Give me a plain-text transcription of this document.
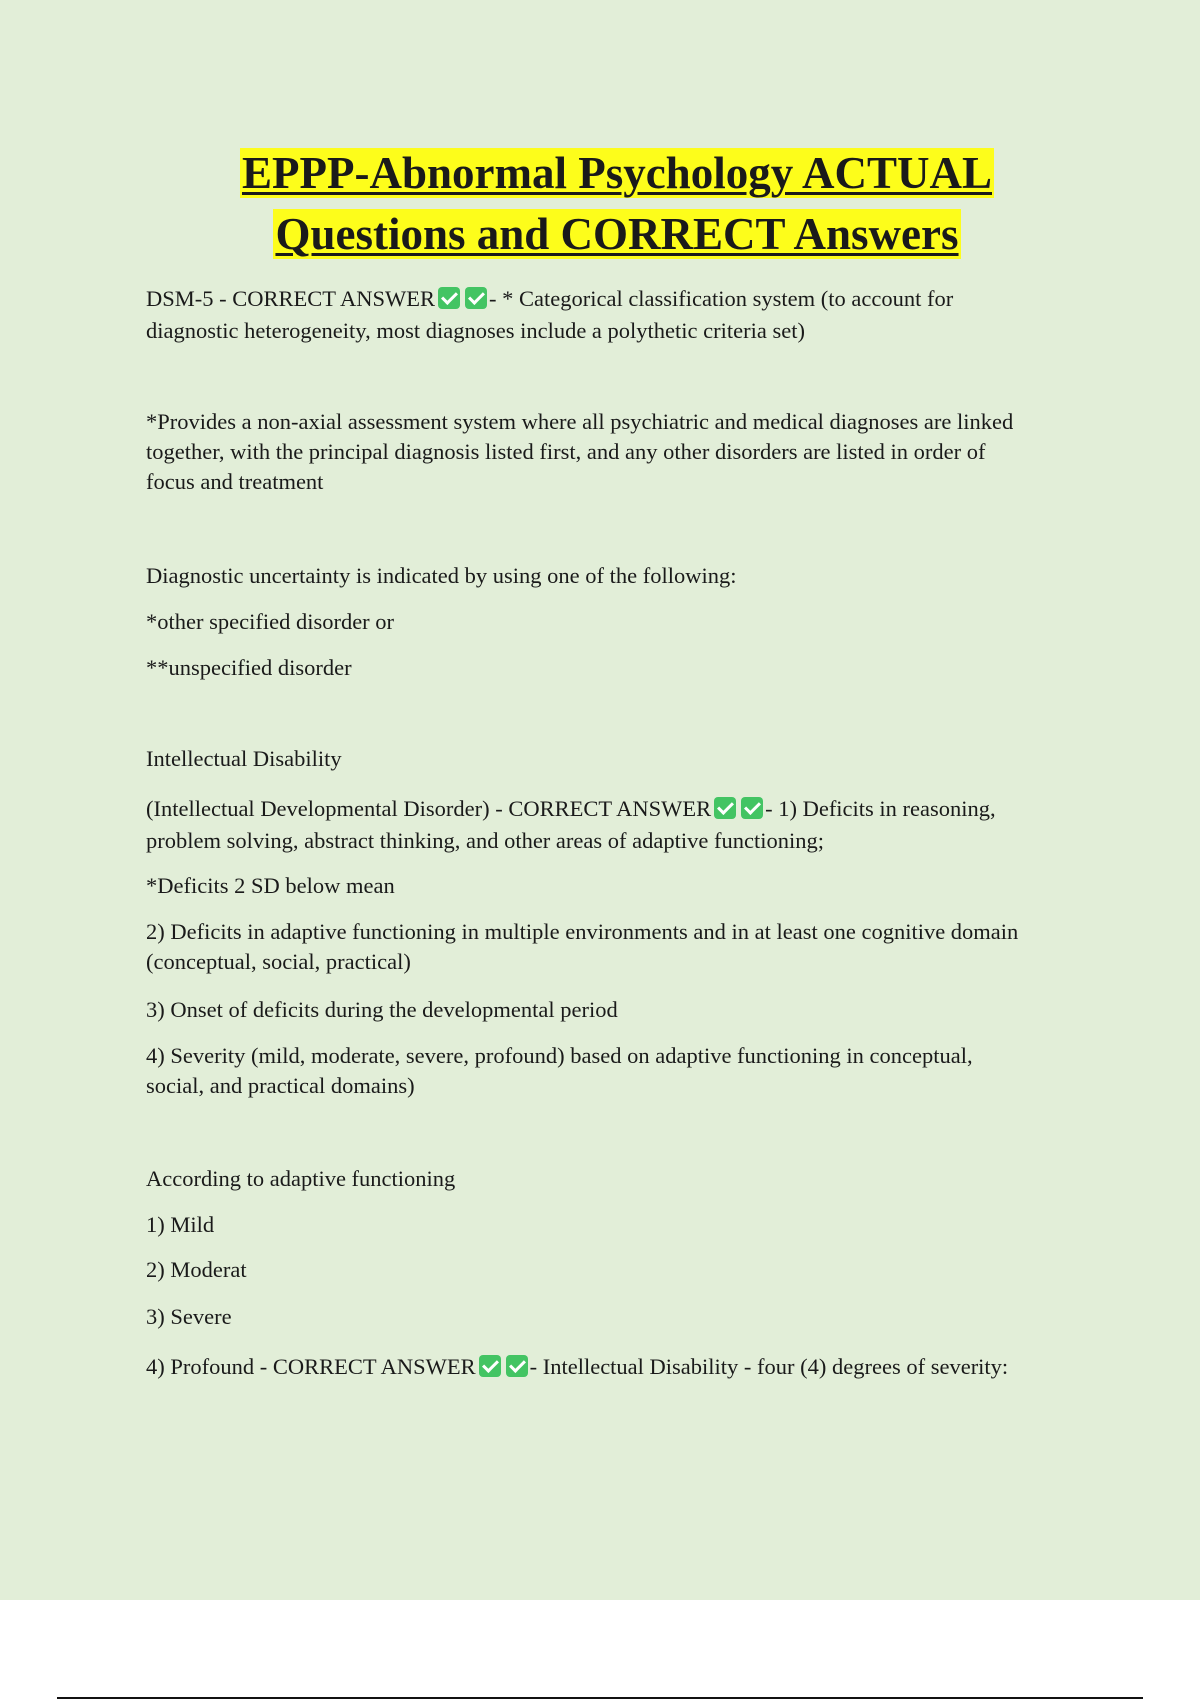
EPPP-Abnormal Psychology ACTUAL
Questions and CORRECT Answers
DSM-5 - CORRECT ANSWER - * Categorical classification system (to account for
diagnostic heterogeneity, most diagnoses include a polythetic criteria set)
*Provides a non-axial assessment system where all psychiatric and medical diagnoses are linked
together, with the principal diagnosis listed first, and any other disorders are listed in order of
focus and treatment
Diagnostic uncertainty is indicated by using one of the following:
*other specified disorder or
**unspecified disorder
Intellectual Disability
(Intellectual Developmental Disorder) - CORRECT ANSWER - 1) Deficits in reasoning,
problem solving, abstract thinking, and other areas of adaptive functioning;
*Deficits 2 SD below mean
2) Deficits in adaptive functioning in multiple environments and in at least one cognitive domain
(conceptual, social, practical)
3) Onset of deficits during the developmental period
4) Severity (mild, moderate, severe, profound) based on adaptive functioning in conceptual,
social, and practical domains)
According to adaptive functioning
1) Mild
2) Moderat
3) Severe
4) Profound - CORRECT ANSWER - Intellectual Disability - four (4) degrees of severity:
